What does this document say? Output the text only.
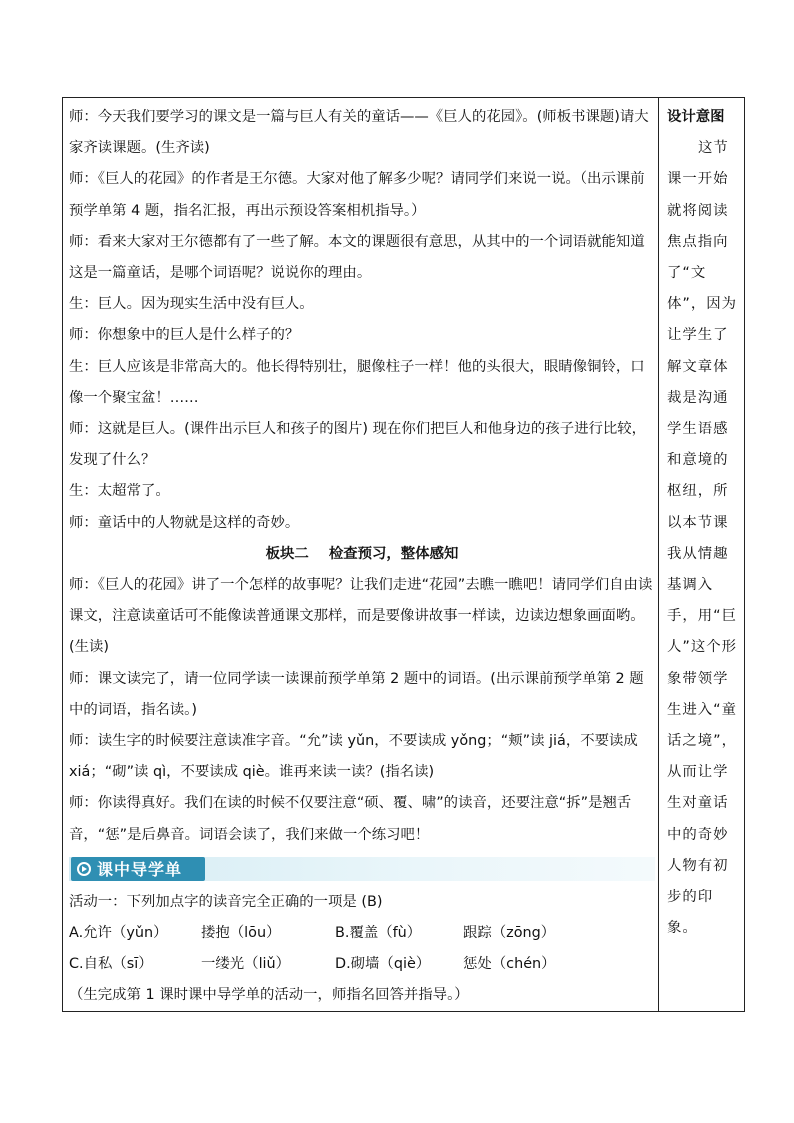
师：今天我们要学习的课文是一篇与巨人有关的童话——《巨人的花园》。(师板书课题)请大家齐读课题。(生齐读)

师：《巨人的花园》的作者是王尔德。大家对他了解多少呢？请同学们来说一说。（出示课前预学单第 4 题，指名汇报，再出示预设答案相机指导。）

师：看来大家对王尔德都有了一些了解。本文的课题很有意思，从其中的一个词语就能知道这是一篇童话，是哪个词语呢？说说你的理由。

生：巨人。因为现实生活中没有巨人。

师：你想象中的巨人是什么样子的？

生：巨人应该是非常高大的。他长得特别壮，腿像柱子一样！他的头很大，眼睛像铜铃，口像一个聚宝盆！……

师：这就是巨人。(课件出示巨人和孩子的图片) 现在你们把巨人和他身边的孩子进行比较，发现了什么？

生：太超常了。

师：童话中的人物就是这样的奇妙。

板块二 检查预习，整体感知

师：《巨人的花园》讲了一个怎样的故事呢？让我们走进“花园”去瞧一瞧吧！请同学们自由读课文，注意读童话可不能像读普通课文那样，而是要像讲故事一样读，边读边想象画面哟。(生读)

师：课文读完了，请一位同学读一读课前预学单第 2 题中的词语。(出示课前预学单第 2 题中的词语，指名读。)

师：读生字的时候要注意读准字音。“允”读 yǔn，不要读成 yǒng；“颊”读 jiá，不要读成 xiá；“砌”读 qì，不要读成 qiè。谁再来读一读？(指名读)

师：你读得真好。我们在读的时候不仅要注意“硕、覆、啸”的读音，还要注意“拆”是翘舌音，“惩”是后鼻音。词语会读了，我们来做一个练习吧！

课中导学单

活动一：下列加点字的读音完全正确的一项是 (B)

A.允许（yǔn）	搂抱（lōu）	B.覆盖（fù）	跟踪（zōng）
C.自私（sī）	一缕光（liǔ）	D.砌墙（qiè）	惩处（chén）

（生完成第 1 课时课中导学单的活动一，师指名回答并指导。）

设计意图

这节课一开始就将阅读焦点指向了“文体”，因为让学生了解文章体裁是沟通学生语感和意境的枢纽，所以本节课我从情趣基调入手，用“巨人”这个形象带领学生进入“童话之境”，从而让学生对童话中的奇妙人物有初步的印象。
